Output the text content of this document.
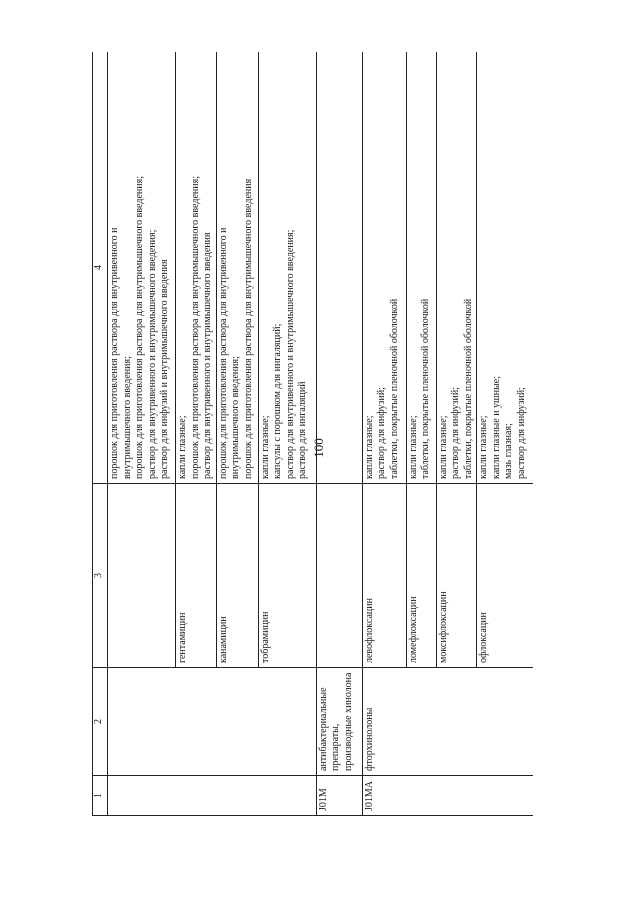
100
1	2	3	4

			порошок для приготовления раствора для внутривенного и внутримышечного введения; порошок для приготовления раствора для внутримышечного введения; раствор для внутривенного и внутримышечного введения; раствор для инфузий и внутримышечного введения

		гентамицин	капли глазные; порошок для приготовления раствора для внутримышечного введения; раствор для внутривенного и внутримышечного введения

		канамицин	порошок для приготовления раствора для внутривенного и внутримышечного введения; порошок для приготовления раствора для внутримышечного введения

		тобрамицин	капли глазные; капсулы с порошком для ингаляций; раствор для внутривенного и внутримышечного введения; раствор для ингаляций

J01M	антибактериальные препараты, производные хинолона		

J01MA	фторхинолоны	левофлоксацин	капли глазные; раствор для инфузий; таблетки, покрытые пленочной оболочкой

		ломефлоксацин	капли глазные; таблетки, покрытые пленочной оболочкой

		моксифлоксацин	капли глазные; раствор для инфузий; таблетки, покрытые пленочной оболочкой

		офлоксацин	капли глазные; капли глазные и ушные; мазь глазная; раствор для инфузий;
